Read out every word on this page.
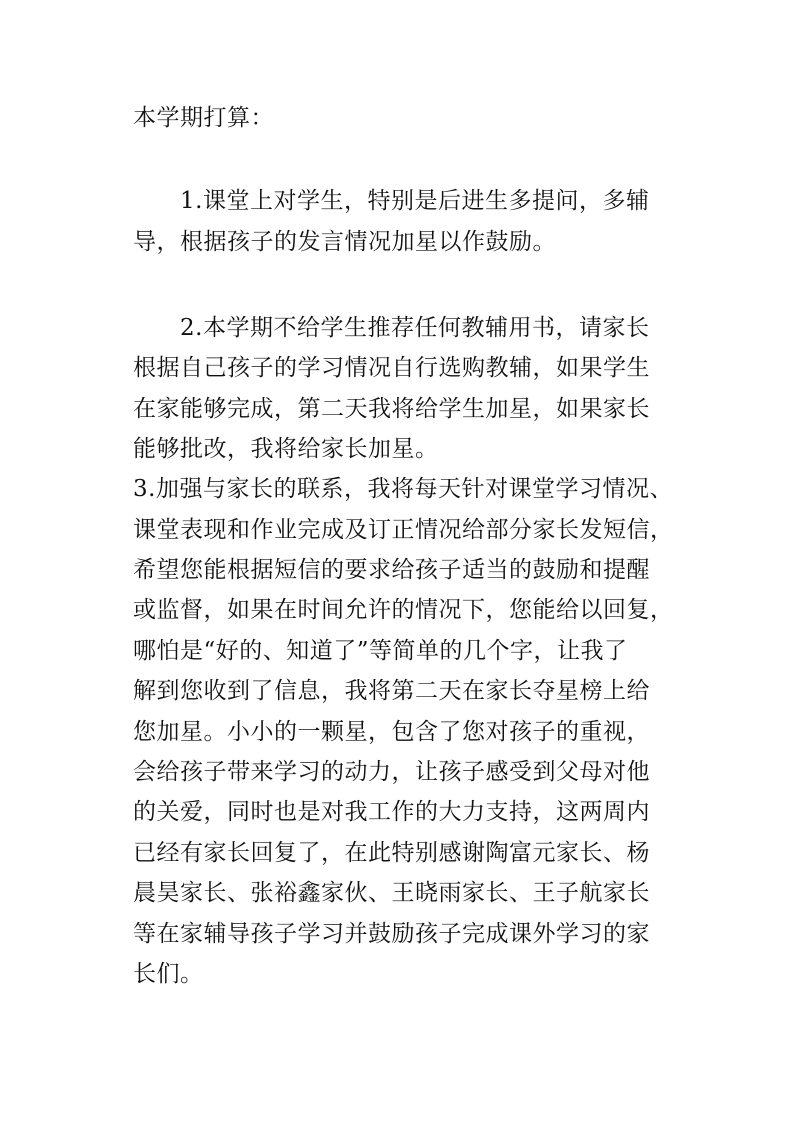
本学期打算：
1.课堂上对学生，特别是后进生多提问，多辅
导，根据孩子的发言情况加星以作鼓励。
2.本学期不给学生推荐任何教辅用书，请家长
根据自己孩子的学习情况自行选购教辅，如果学生
在家能够完成，第二天我将给学生加星，如果家长
能够批改，我将给家长加星。
3.加强与家长的联系，我将每天针对课堂学习情况、
课堂表现和作业完成及订正情况给部分家长发短信，
希望您能根据短信的要求给孩子适当的鼓励和提醒
或监督，如果在时间允许的情况下，您能给以回复，
哪怕是“好的、知道了”等简单的几个字，让我了
解到您收到了信息，我将第二天在家长夺星榜上给
您加星。小小的一颗星，包含了您对孩子的重视，
会给孩子带来学习的动力，让孩子感受到父母对他
的关爱，同时也是对我工作的大力支持，这两周内
已经有家长回复了，在此特别感谢陶富元家长、杨
晨昊家长、张裕鑫家伙、王晓雨家长、王子航家长
等在家辅导孩子学习并鼓励孩子完成课外学习的家
长们。
